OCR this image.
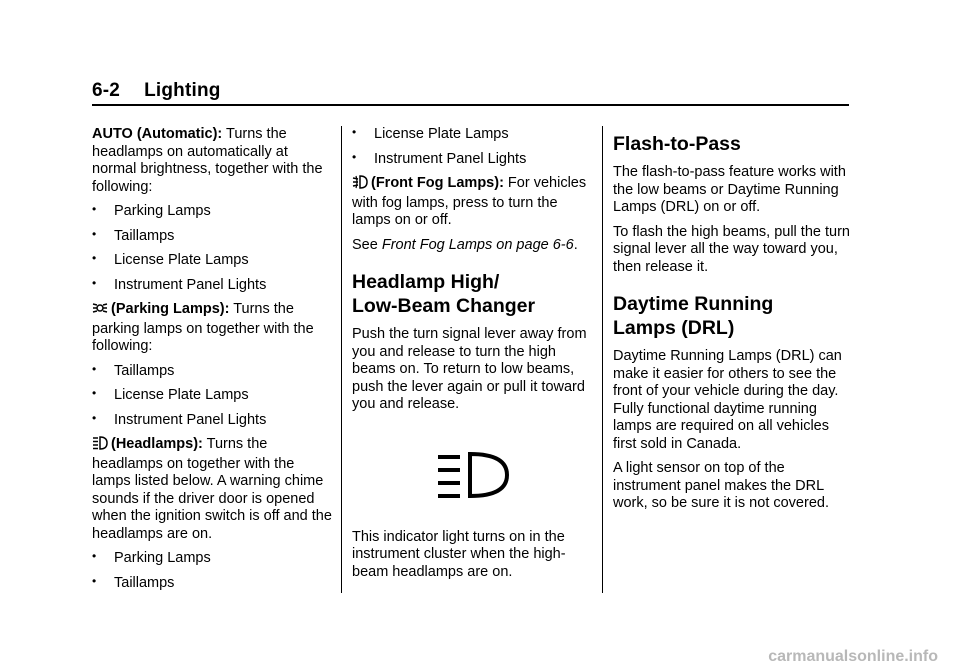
6-2 Lighting

AUTO (Automatic): Turns the headlamps on automatically at normal brightness, together with the following:

• Parking Lamps
• Taillamps
• License Plate Lamps
• Instrument Panel Lights

(Parking Lamps): Turns the parking lamps on together with the following:

• Taillamps
• License Plate Lamps
• Instrument Panel Lights

(Headlamps): Turns the headlamps on together with the lamps listed below. A warning chime sounds if the driver door is opened when the ignition switch is off and the headlamps are on.

• Parking Lamps
• Taillamps
• License Plate Lamps
• Instrument Panel Lights

(Front Fog Lamps): For vehicles with fog lamps, press to turn the lamps on or off.

See Front Fog Lamps on page 6-6.

Headlamp High/
Low-Beam Changer

Push the turn signal lever away from you and release to turn the high beams on. To return to low beams, push the lever again or pull it toward you and release.

This indicator light turns on in the instrument cluster when the high-beam headlamps are on.

Flash-to-Pass

The flash-to-pass feature works with the low beams or Daytime Running Lamps (DRL) on or off.

To flash the high beams, pull the turn signal lever all the way toward you, then release it.

Daytime Running
Lamps (DRL)

Daytime Running Lamps (DRL) can make it easier for others to see the front of your vehicle during the day. Fully functional daytime running lamps are required on all vehicles first sold in Canada.

A light sensor on top of the instrument panel makes the DRL work, so be sure it is not covered.

carmanualsonline.info
